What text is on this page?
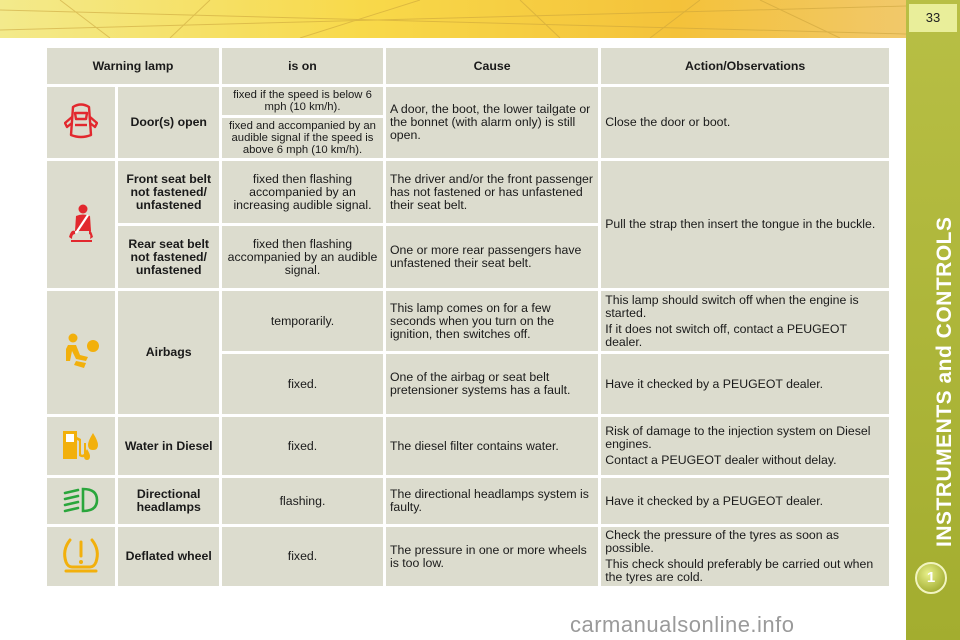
33
INSTRUMENTS and CONTROLS
1
carmanualsonline.info
Warning lamp		is on	Cause	Action/Observations
	Door(s) open	fixed if the speed is below 6 mph (10 km/h).	A door, the boot, the lower tailgate or the bonnet (with alarm only) is still open.	Close the door or boot.
		fixed and accompanied by an audible signal if the speed is above 6 mph (10 km/h).		
	Front seat belt not fastened/ unfastened	fixed then flashing accompanied by an increasing audible signal.	The driver and/or the front passenger has not fastened or has unfastened their seat belt.	Pull the strap then insert the tongue in the buckle.
	Rear seat belt not fastened/ unfastened	fixed then flashing accompanied by an audible signal.	One or more rear passengers have unfastened their seat belt.	
	Airbags	temporarily.	This lamp comes on for a few seconds when you turn on the ignition, then switches off.	This lamp should switch off when the engine is started.

If it does not switch off, contact a PEUGEOT dealer.

		fixed.	One of the airbag or seat belt pretensioner systems has a fault.	Have it checked by a PEUGEOT dealer.
	Water in Diesel	fixed.	The diesel filter contains water.	Risk of damage to the injection system on Diesel engines.

Contact a PEUGEOT dealer without delay.

	Directional headlamps	flashing.	The directional headlamps system is faulty.	Have it checked by a PEUGEOT dealer.
	Deflated wheel	fixed.	The pressure in one or more wheels is too low.	Check the pressure of the tyres as soon as possible.

This check should preferably be carried out when the tyres are cold.
